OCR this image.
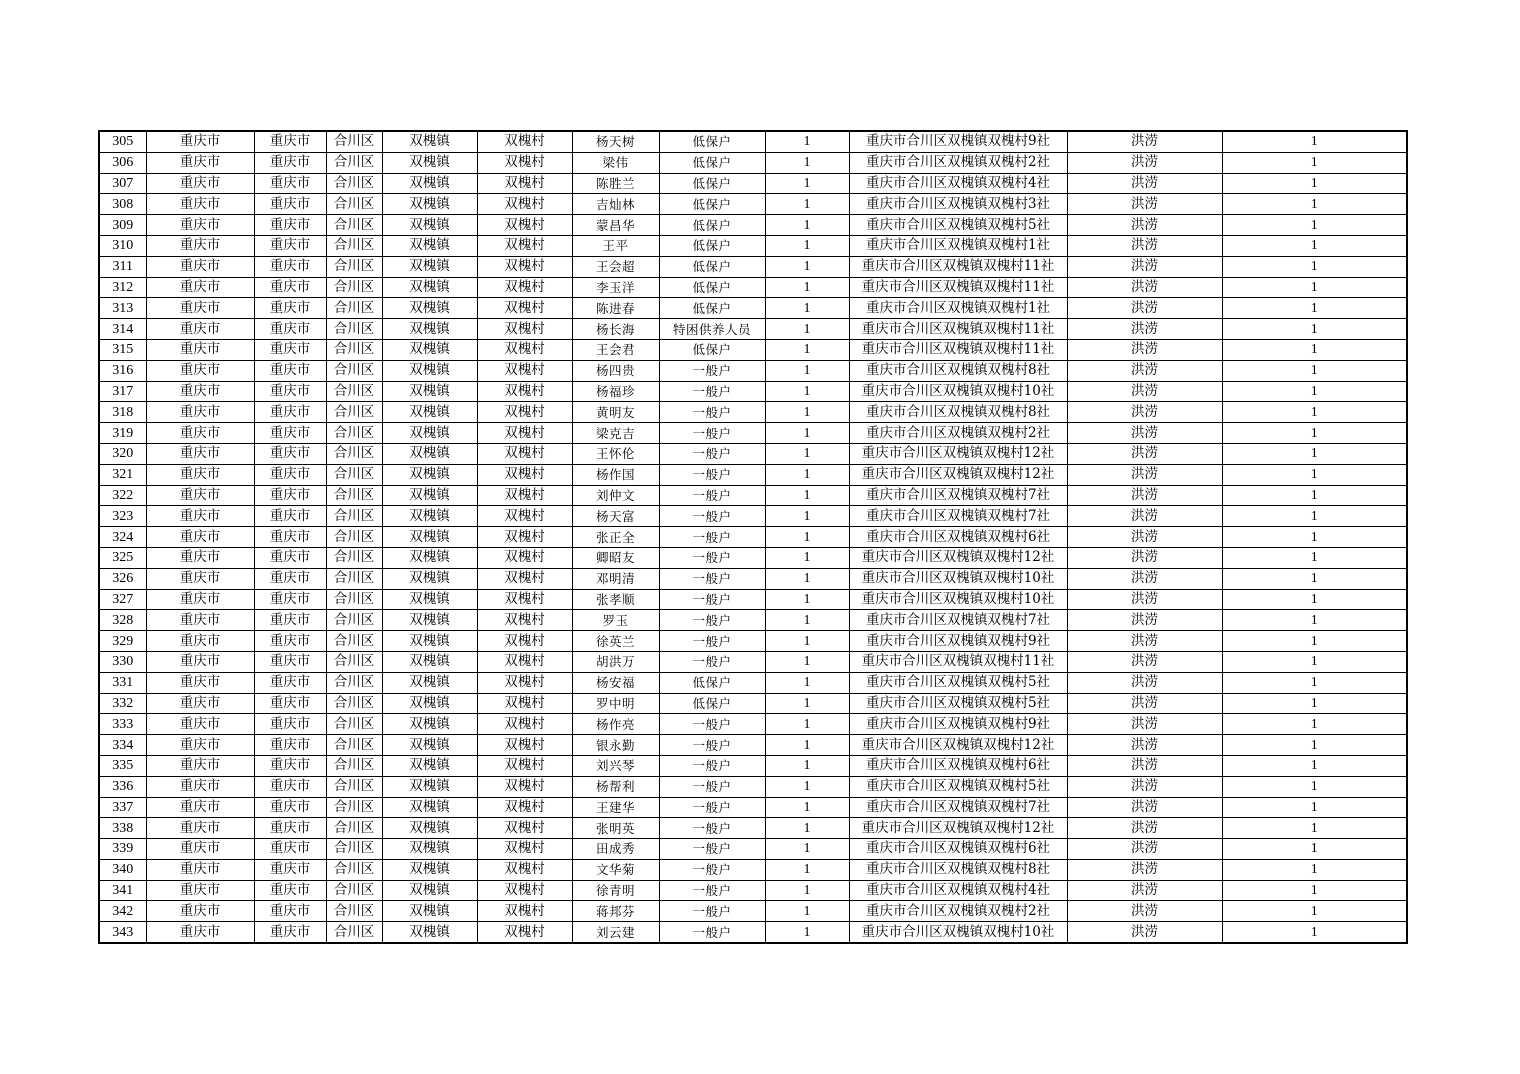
305	重庆市	重庆市	合川区	双槐镇	双槐村	杨天树	低保户	1	重庆市合川区双槐镇双槐村9社	洪涝	1
306	重庆市	重庆市	合川区	双槐镇	双槐村	梁伟	低保户	1	重庆市合川区双槐镇双槐村2社	洪涝	1
307	重庆市	重庆市	合川区	双槐镇	双槐村	陈胜兰	低保户	1	重庆市合川区双槐镇双槐村4社	洪涝	1
308	重庆市	重庆市	合川区	双槐镇	双槐村	吉灿林	低保户	1	重庆市合川区双槐镇双槐村3社	洪涝	1
309	重庆市	重庆市	合川区	双槐镇	双槐村	蒙昌华	低保户	1	重庆市合川区双槐镇双槐村5社	洪涝	1
310	重庆市	重庆市	合川区	双槐镇	双槐村	王平	低保户	1	重庆市合川区双槐镇双槐村1社	洪涝	1
311	重庆市	重庆市	合川区	双槐镇	双槐村	王会超	低保户	1	重庆市合川区双槐镇双槐村11社	洪涝	1
312	重庆市	重庆市	合川区	双槐镇	双槐村	李玉洋	低保户	1	重庆市合川区双槐镇双槐村11社	洪涝	1
313	重庆市	重庆市	合川区	双槐镇	双槐村	陈进春	低保户	1	重庆市合川区双槐镇双槐村1社	洪涝	1
314	重庆市	重庆市	合川区	双槐镇	双槐村	杨长海	特困供养人员	1	重庆市合川区双槐镇双槐村11社	洪涝	1
315	重庆市	重庆市	合川区	双槐镇	双槐村	王会君	低保户	1	重庆市合川区双槐镇双槐村11社	洪涝	1
316	重庆市	重庆市	合川区	双槐镇	双槐村	杨四贵	一般户	1	重庆市合川区双槐镇双槐村8社	洪涝	1
317	重庆市	重庆市	合川区	双槐镇	双槐村	杨福珍	一般户	1	重庆市合川区双槐镇双槐村10社	洪涝	1
318	重庆市	重庆市	合川区	双槐镇	双槐村	黄明友	一般户	1	重庆市合川区双槐镇双槐村8社	洪涝	1
319	重庆市	重庆市	合川区	双槐镇	双槐村	梁克吉	一般户	1	重庆市合川区双槐镇双槐村2社	洪涝	1
320	重庆市	重庆市	合川区	双槐镇	双槐村	王怀伦	一般户	1	重庆市合川区双槐镇双槐村12社	洪涝	1
321	重庆市	重庆市	合川区	双槐镇	双槐村	杨作国	一般户	1	重庆市合川区双槐镇双槐村12社	洪涝	1
322	重庆市	重庆市	合川区	双槐镇	双槐村	刘仲文	一般户	1	重庆市合川区双槐镇双槐村7社	洪涝	1
323	重庆市	重庆市	合川区	双槐镇	双槐村	杨天富	一般户	1	重庆市合川区双槐镇双槐村7社	洪涝	1
324	重庆市	重庆市	合川区	双槐镇	双槐村	张正全	一般户	1	重庆市合川区双槐镇双槐村6社	洪涝	1
325	重庆市	重庆市	合川区	双槐镇	双槐村	卿昭友	一般户	1	重庆市合川区双槐镇双槐村12社	洪涝	1
326	重庆市	重庆市	合川区	双槐镇	双槐村	邓明清	一般户	1	重庆市合川区双槐镇双槐村10社	洪涝	1
327	重庆市	重庆市	合川区	双槐镇	双槐村	张孝顺	一般户	1	重庆市合川区双槐镇双槐村10社	洪涝	1
328	重庆市	重庆市	合川区	双槐镇	双槐村	罗玉	一般户	1	重庆市合川区双槐镇双槐村7社	洪涝	1
329	重庆市	重庆市	合川区	双槐镇	双槐村	徐英兰	一般户	1	重庆市合川区双槐镇双槐村9社	洪涝	1
330	重庆市	重庆市	合川区	双槐镇	双槐村	胡洪万	一般户	1	重庆市合川区双槐镇双槐村11社	洪涝	1
331	重庆市	重庆市	合川区	双槐镇	双槐村	杨安福	低保户	1	重庆市合川区双槐镇双槐村5社	洪涝	1
332	重庆市	重庆市	合川区	双槐镇	双槐村	罗中明	低保户	1	重庆市合川区双槐镇双槐村5社	洪涝	1
333	重庆市	重庆市	合川区	双槐镇	双槐村	杨作亮	一般户	1	重庆市合川区双槐镇双槐村9社	洪涝	1
334	重庆市	重庆市	合川区	双槐镇	双槐村	银永勤	一般户	1	重庆市合川区双槐镇双槐村12社	洪涝	1
335	重庆市	重庆市	合川区	双槐镇	双槐村	刘兴琴	一般户	1	重庆市合川区双槐镇双槐村6社	洪涝	1
336	重庆市	重庆市	合川区	双槐镇	双槐村	杨帮利	一般户	1	重庆市合川区双槐镇双槐村5社	洪涝	1
337	重庆市	重庆市	合川区	双槐镇	双槐村	王建华	一般户	1	重庆市合川区双槐镇双槐村7社	洪涝	1
338	重庆市	重庆市	合川区	双槐镇	双槐村	张明英	一般户	1	重庆市合川区双槐镇双槐村12社	洪涝	1
339	重庆市	重庆市	合川区	双槐镇	双槐村	田成秀	一般户	1	重庆市合川区双槐镇双槐村6社	洪涝	1
340	重庆市	重庆市	合川区	双槐镇	双槐村	文华菊	一般户	1	重庆市合川区双槐镇双槐村8社	洪涝	1
341	重庆市	重庆市	合川区	双槐镇	双槐村	徐青明	一般户	1	重庆市合川区双槐镇双槐村4社	洪涝	1
342	重庆市	重庆市	合川区	双槐镇	双槐村	蒋邦芬	一般户	1	重庆市合川区双槐镇双槐村2社	洪涝	1
343	重庆市	重庆市	合川区	双槐镇	双槐村	刘云建	一般户	1	重庆市合川区双槐镇双槐村10社	洪涝	1
